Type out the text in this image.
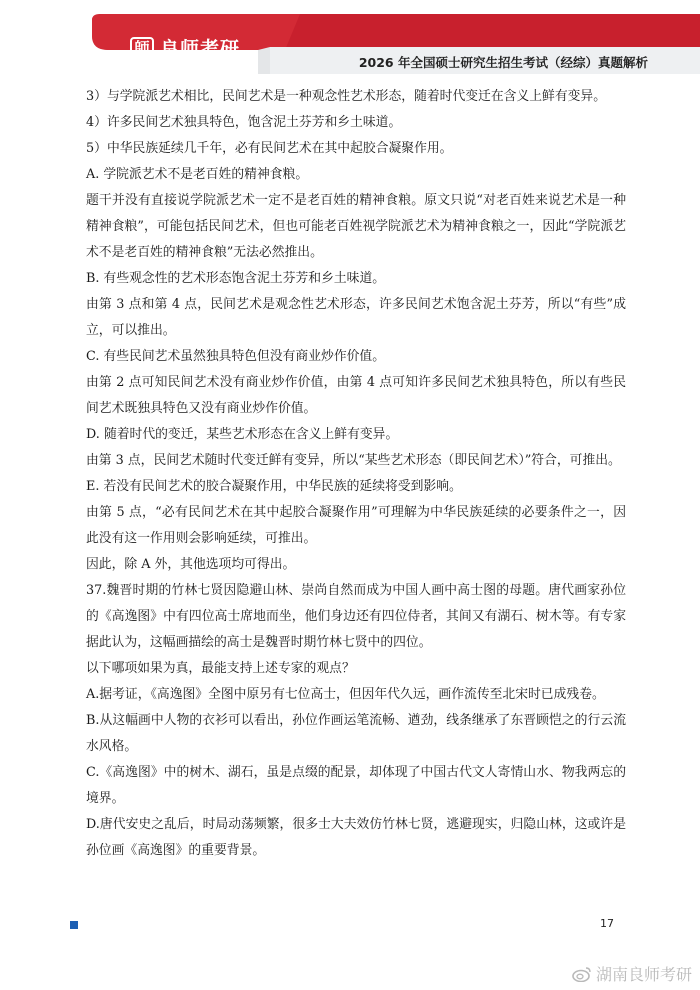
師 良师考研
2026 年全国硕士研究生招生考试（经综）真题解析

3）与学院派艺术相比，民间艺术是一种观念性艺术形态，随着时代变迁在含义上鲜有变异。

4）许多民间艺术独具特色，饱含泥土芬芳和乡土味道。

5）中华民族延续几千年，必有民间艺术在其中起胶合凝聚作用。

A. 学院派艺术不是老百姓的精神食粮。

题干并没有直接说学院派艺术一定不是老百姓的精神食粮。原文只说“对老百姓来说艺术是一种精神食粮”，可能包括民间艺术，但也可能老百姓视学院派艺术为精神食粮之一，因此“学院派艺术不是老百姓的精神食粮”无法必然推出。

B. 有些观念性的艺术形态饱含泥土芬芳和乡土味道。

由第 3 点和第 4 点，民间艺术是观念性艺术形态，许多民间艺术饱含泥土芬芳，所以“有些”成立，可以推出。

C. 有些民间艺术虽然独具特色但没有商业炒作价值。

由第 2 点可知民间艺术没有商业炒作价值，由第 4 点可知许多民间艺术独具特色，所以有些民间艺术既独具特色又没有商业炒作价值。

D. 随着时代的变迁，某些艺术形态在含义上鲜有变异。

由第 3 点，民间艺术随时代变迁鲜有变异，所以“某些艺术形态（即民间艺术）”符合，可推出。

E. 若没有民间艺术的胶合凝聚作用，中华民族的延续将受到影响。

由第 5 点，“必有民间艺术在其中起胶合凝聚作用”可理解为中华民族延续的必要条件之一，因此没有这一作用则会影响延续，可推出。

因此，除 A 外，其他选项均可得出。

37.魏晋时期的竹林七贤因隐避山林、崇尚自然而成为中国人画中高士图的母题。唐代画家孙位的《高逸图》中有四位高士席地而坐，他们身边还有四位侍者，其间又有湖石、树木等。有专家据此认为，这幅画描绘的高士是魏晋时期竹林七贤中的四位。

以下哪项如果为真，最能支持上述专家的观点？

A.据考证，《高逸图》全图中原另有七位高士，但因年代久远，画作流传至北宋时已成残卷。

B.从这幅画中人物的衣衫可以看出，孙位作画运笔流畅、遒劲，线条继承了东晋顾恺之的行云流水风格。

C.《高逸图》中的树木、湖石，虽是点缀的配景，却体现了中国古代文人寄情山水、物我两忘的境界。

D.唐代安史之乱后，时局动荡频繁，很多士大夫效仿竹林七贤，逃避现实，归隐山林，这或许是孙位画《高逸图》的重要背景。

17
湖南良师考研
